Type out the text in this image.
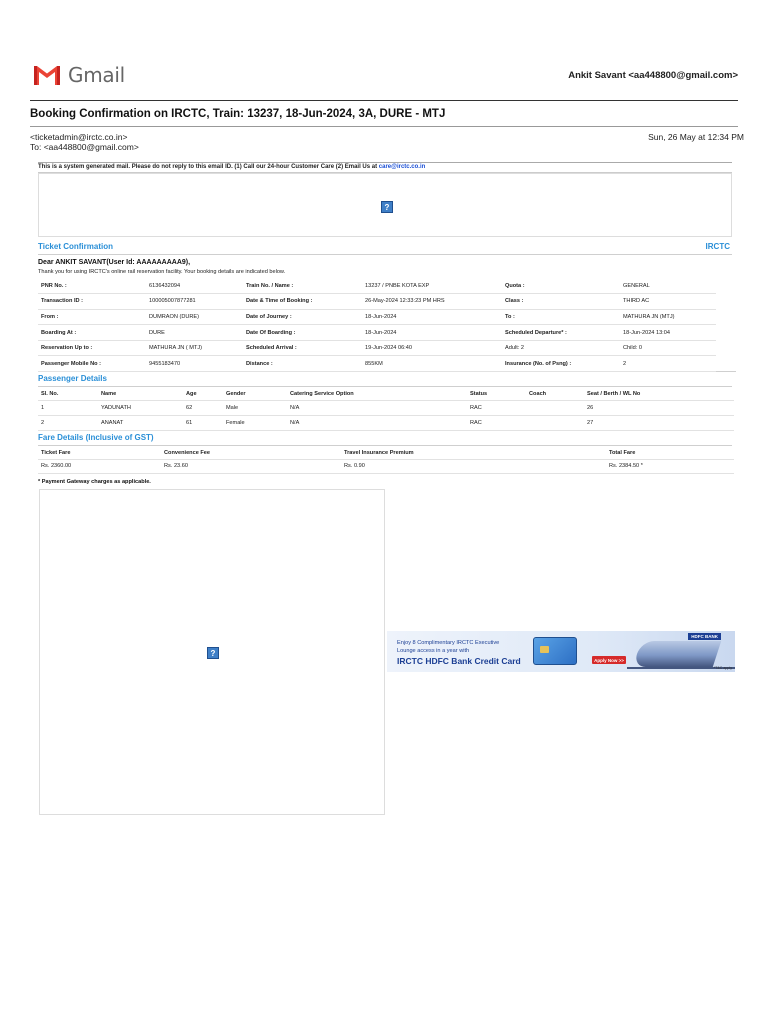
Gmail	Ankit Savant <aa448800@gmail.com>
Booking Confirmation on IRCTC, Train: 13237, 18-Jun-2024, 3A, DURE - MTJ
<ticketadmin@irctc.co.in>
To: <aa448800@gmail.com>
Sun, 26 May at 12:34 PM
This is a system generated mail. Please do not reply to this email ID. (1) Call our 24-hour Customer Care (2) Email Us at care@irctc.co.in
?
Ticket Confirmation	IRCTC
Dear ANKIT SAVANT(User Id: AAAAAAAAA9),
Thank you for using IRCTC's online rail reservation facility. Your booking details are indicated below.
PNR No. :	6136432094	Train No. / Name :	13237 / PNBE KOTA EXP	Quota :	GENERAL
Transaction ID :	100005007877281	Date & Time of Booking :	26-May-2024 12:33:23 PM HRS	Class :	THIRD AC
From :	DUMRAON (DURE)	Date of Journey :	18-Jun-2024	To :	MATHURA JN (MTJ)
Boarding At :	DURE	Date Of Boarding :	18-Jun-2024	Scheduled Departure* :	18-Jun-2024 13:04
Reservation Up to :	MATHURA JN ( MTJ)	Scheduled Arrival :	19-Jun-2024 06:40	Adult: 2	Child: 0
Passenger Mobile No :	9455183470	Distance :	855KM	Insurance (No. of Psng) :	2
Passenger Details
Sl. No.	Name	Age	Gender	Catering Service Option	Status	Coach	Seat / Berth / WL No
1	YADUNATH	62	Male	N/A	RAC		26
2	ANANAT	61	Female	N/A	RAC		27
Fare Details (Inclusive of GST)
Ticket Fare	Convenience Fee	Travel Insurance Premium	Total Fare
Rs. 2360.00	Rs. 23.60	Rs. 0.90	Rs. 2384.50 *
* Payment Gateway charges as applicable.
?
Enjoy 8 Complimentary IRCTC Executive
Lounge access in a year with
IRCTC HDFC Bank Credit Card	Apply Now >>
HDFC BANK
*T&C apply
